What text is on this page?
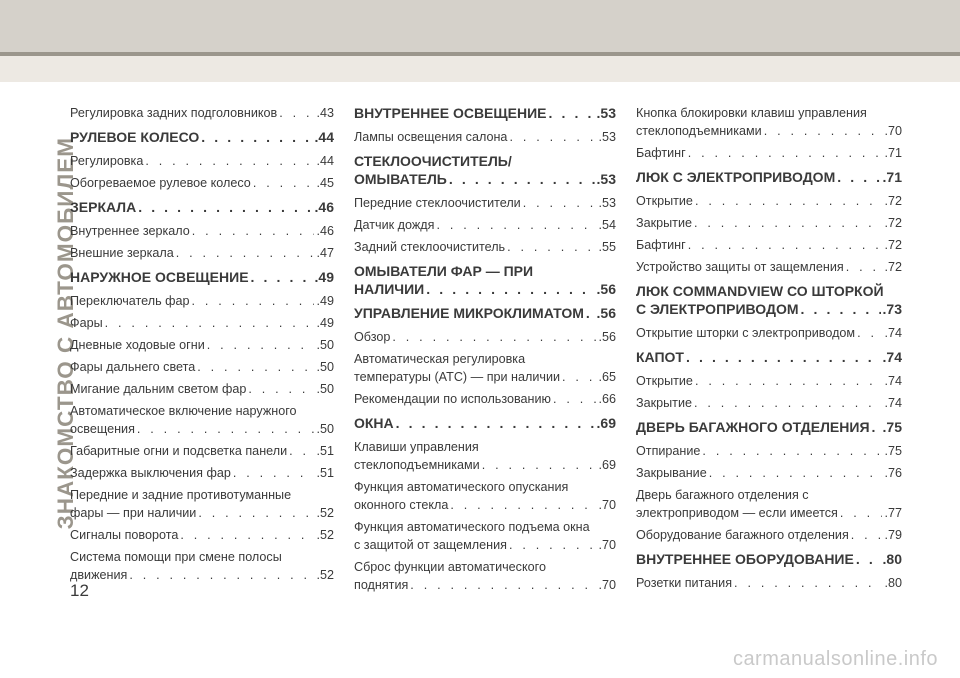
ЗНАКОМСТВО С АВТОМОБИЛЕМ
Регулировка задних подголовников . . .	.43
РУЛЕВОЕ КОЛЕСО . . .	.44
Регулировка . . .	.44
Обогреваемое рулевое колесо . . .	.45
ЗЕРКАЛА . . .	.46
Внутреннее зеркало . . .	.46
Внешние зеркала . . .	.47
НАРУЖНОЕ ОСВЕЩЕНИЕ . . .	.49
Переключатель фар . . .	.49
Фары . . .	.49
Дневные ходовые огни . . .	.50
Фары дальнего света . . .	.50
Мигание дальним светом фар . . .	.50
Автоматическое включение наружного
освещения . . .	.50
Габаритные огни и подсветка панели . . . .51
Задержка выключения фар . . .	.51
Передние и задние противотуманные
фары — при наличии . . .	.52
Сигналы поворота . . .	.52
Система помощи при смене полосы
движения . . .	.52
ВНУТРЕННЕЕ ОСВЕЩЕНИЕ . . .	.53
Лампы освещения салона . . .	.53
СТЕКЛООЧИСТИТЕЛЬ/
ОМЫВАТЕЛЬ . . .	.53
Передние стеклоочистители . . .	.53
Датчик дождя . . .	.54
Задний стеклоочиститель . . .	.55
ОМЫВАТЕЛИ ФАР — ПРИ
НАЛИЧИИ . . .	.56
УПРАВЛЕНИЕ МИКРОКЛИМАТОМ . . . .56
Обзор . . .	.56
Автоматическая регулировка
температуры (ATC) — при наличии . . .	.65
Рекомендации по использованию . . .	.66
ОКНА . . .	.69
Клавиши управления
стеклоподъемниками . . .	.69
Функция автоматического опускания
оконного стекла . . .	.70
Функция автоматического подъема окна
с защитой от защемления . . .	.70
Сброс функции автоматического
поднятия . . .	.70
Кнопка блокировки клавиш управления
стеклоподъемниками . . .	.70
Бафтинг . . .	.71
ЛЮК С ЭЛЕКТРОПРИВОДОМ . . .	.71
Открытие . . .	.72
Закрытие . . .	.72
Бафтинг . . .	.72
Устройство защиты от защемления . . .	.72
ЛЮК COMMANDVIEW СО ШТОРКОЙ
С ЭЛЕКТРОПРИВОДОМ . . .	.73
Открытие шторки с электроприводом . . . .74
КАПОТ . . .	.74
Открытие . . .	.74
Закрытие . . .	.74
ДВЕРЬ БАГАЖНОГО ОТДЕЛЕНИЯ . . . .75
Отпирание . . .	.75
Закрывание . . .	.76
Дверь багажного отделения с
электроприводом — если имеется . . .	.77
Оборудование багажного отделения . . .	.79
ВНУТРЕННЕЕ ОБОРУДОВАНИЕ . . . .80
Розетки питания . . .	.80
12
carmanualsonline.info
